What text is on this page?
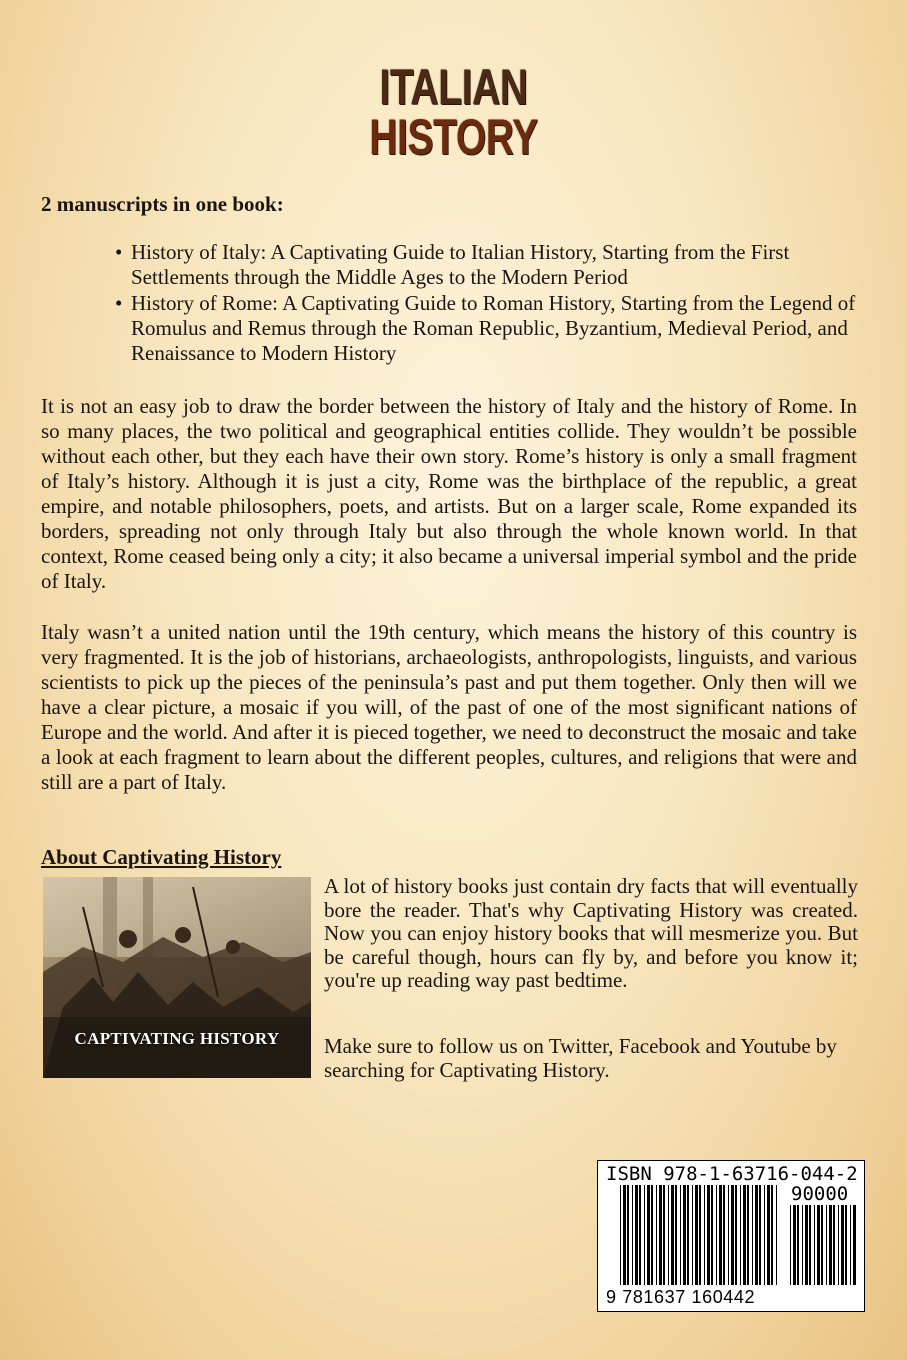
ITALIAN
HISTORY
2 manuscripts in one book:
• History of Italy: A Captivating Guide to Italian History, Starting from the First Settlements through the Middle Ages to the Modern Period
• History of Rome: A Captivating Guide to Roman History, Starting from the Legend of Romulus and Remus through the Roman Republic, Byzantium, Medieval Period, and Renaissance to Modern History

It is not an easy job to draw the border between the history of Italy and the history of Rome. In so many places, the two political and geographical entities collide. They wouldn’t be possible without each other, but they each have their own story. Rome’s history is only a small fragment of Italy’s history. Although it is just a city, Rome was the birthplace of the republic, a great empire, and notable philosophers, poets, and artists. But on a larger scale, Rome expanded its borders, spreading not only through Italy but also through the whole known world. In that context, Rome ceased being only a city; it also became a universal imperial symbol and the pride of Italy.

Italy wasn’t a united nation until the 19th century, which means the history of this country is very fragmented. It is the job of historians, archaeologists, anthropologists, linguists, and various scientists to pick up the pieces of the peninsula’s past and put them together. Only then will we have a clear picture, a mosaic if you will, of the past of one of the most significant nations of Europe and the world. And after it is pieced together, we need to deconstruct the mosaic and take a look at each fragment to learn about the different peoples, cultures, and religions that were and still are a part of Italy.

About Captivating History
CAPTIVATING HISTORY

A lot of history books just contain dry facts that will eventually bore the reader. That's why Captivating History was created. Now you can enjoy history books that will mesmerize you. But be careful though, hours can fly by, and before you know it; you're up reading way past bedtime.

Make sure to follow us on Twitter, Facebook and Youtube by searching for Captivating History.

ISBN 978-1-63716-044-2
90000
9 781637 160442
